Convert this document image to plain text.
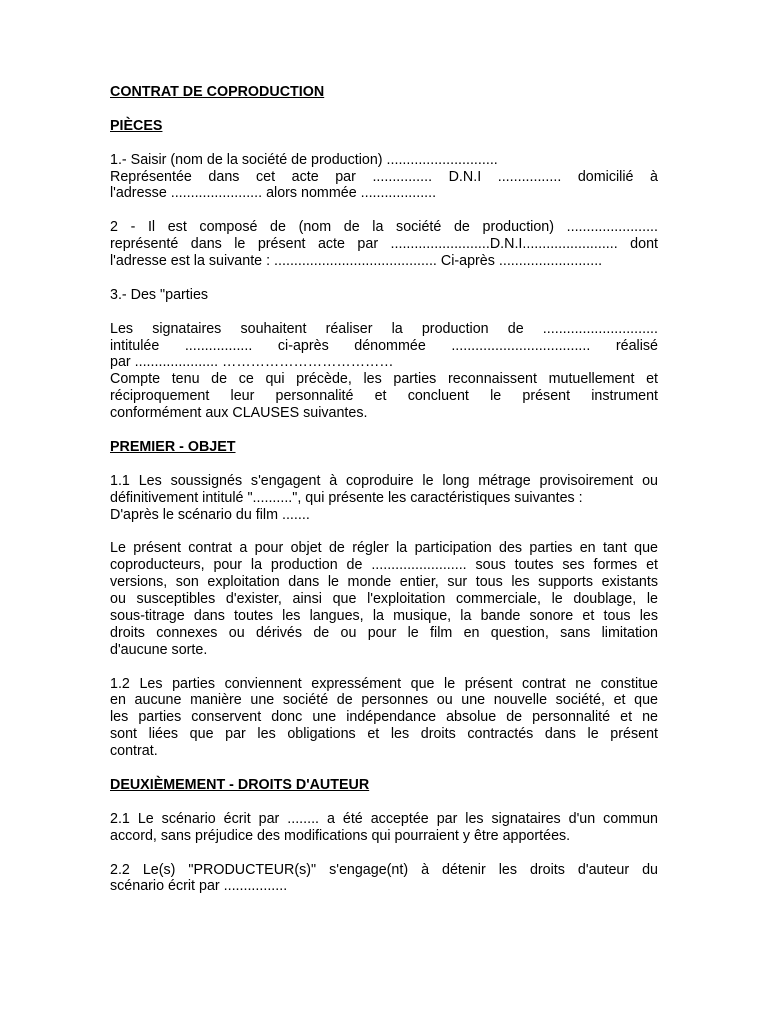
CONTRAT DE COPRODUCTION

PIÈCES

1.- Saisir (nom de la société de production) ............................

Représentée dans cet acte par ............... D.N.I ................ domicilié à

l'adresse ....................... alors nommée ...................

2 - Il est composé de (nom de la société de production) .......................

représenté dans le présent acte par .........................D.N.I........................ dont

l'adresse est la suivante : ......................................... Ci-après ..........................

3.- Des "parties

Les signataires souhaitent réaliser la production de .............................

intitulée ................. ci-après dénommée ................................... réalisé

par ..................... ………………………………

Compte tenu de ce qui précède, les parties reconnaissent mutuellement et

réciproquement leur personnalité et concluent le présent instrument

conformément aux CLAUSES suivantes.

PREMIER - OBJET

1.1 Les soussignés s'engagent à coproduire le long métrage provisoirement ou

définitivement intitulé "..........", qui présente les caractéristiques suivantes :

D'après le scénario du film .......

Le présent contrat a pour objet de régler la participation des parties en tant que

coproducteurs, pour la production de ........................ sous toutes ses formes et

versions, son exploitation dans le monde entier, sur tous les supports existants

ou susceptibles d'exister, ainsi que l'exploitation commerciale, le doublage, le

sous-titrage dans toutes les langues, la musique, la bande sonore et tous les

droits connexes ou dérivés de ou pour le film en question, sans limitation

d'aucune sorte.

1.2 Les parties conviennent expressément que le présent contrat ne constitue

en aucune manière une société de personnes ou une nouvelle société, et que

les parties conservent donc une indépendance absolue de personnalité et ne

sont liées que par les obligations et les droits contractés dans le présent

contrat.

DEUXIÈMEMENT - DROITS D'AUTEUR

2.1 Le scénario écrit par ........ a été acceptée par les signataires d'un commun

accord, sans préjudice des modifications qui pourraient y être apportées.

2.2 Le(s) "PRODUCTEUR(s)" s'engage(nt) à détenir les droits d'auteur du

scénario écrit par ................
